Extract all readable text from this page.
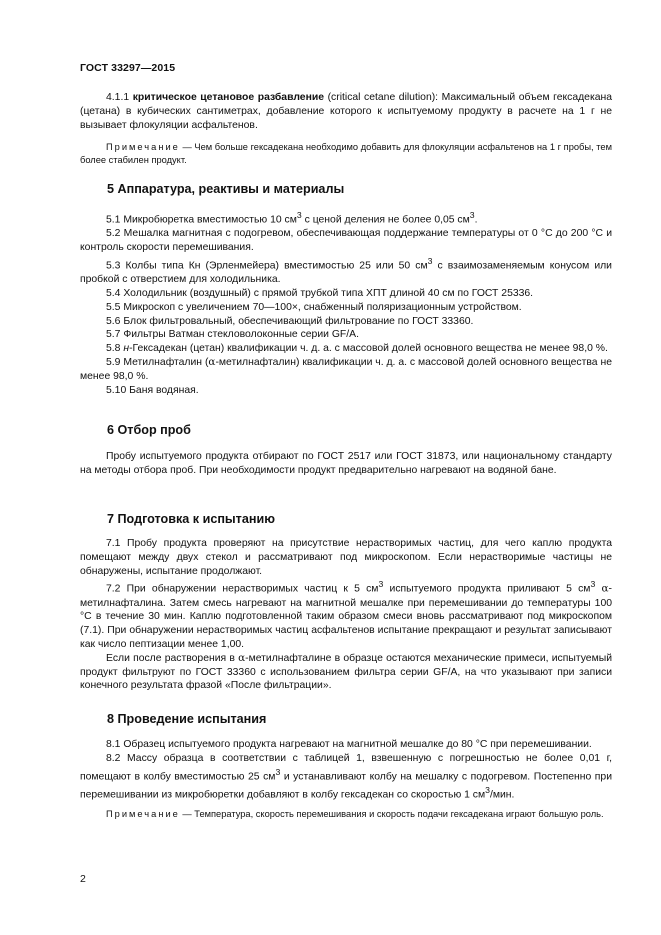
ГОСТ 33297—2015

4.1.1 критическое цетановое разбавление (critical cetane dilution): Максимальный объем гексадекана (цетана) в кубических сантиметрах, добавление которого к испытуемому продукту в расчете на 1 г не вызывает флокуляции асфальтенов.

Примечание — Чем больше гексадекана необходимо добавить для флокуляции асфальтенов на 1 г пробы, тем более стабилен продукт.

5 Аппаратура, реактивы и материалы

5.1 Микробюретка вместимостью 10 $см^3$ с ценой деления не более 0,05 $см^3$.

5.2 Мешалка магнитная с подогревом, обеспечивающая поддержание температуры от 0 °С до 200 °С и контроль скорости перемешивания.

5.3 Колбы типа Кн (Эрленмейера) вместимостью 25 или 50 $см^3$ с взаимозаменяемым конусом или пробкой с отверстием для холодильника.

5.4 Холодильник (воздушный) с прямой трубкой типа ХПТ длиной 40 см по ГОСТ 25336.

5.5 Микроскоп с увеличением 70—100×, снабженный поляризационным устройством.

5.6 Блок фильтровальный, обеспечивающий фильтрование по ГОСТ 33360.

5.7 Фильтры Ватман стекловолоконные серии GF/A.

5.8 н-Гексадекан (цетан) квалификации ч. д. а. с массовой долей основного вещества не менее 98,0 %.

5.9 Метилнафталин (α-метилнафталин) квалификации ч. д. а. с массовой долей основного вещества не менее 98,0 %.

5.10 Баня водяная.

6 Отбор проб

Пробу испытуемого продукта отбирают по ГОСТ 2517 или ГОСТ 31873, или национальному стандарту на методы отбора проб. При необходимости продукт предварительно нагревают на водяной бане.

7 Подготовка к испытанию

7.1 Пробу продукта проверяют на присутствие нерастворимых частиц, для чего каплю продукта помещают между двух стекол и рассматривают под микроскопом. Если нерастворимые частицы не обнаружены, испытание продолжают.

7.2 При обнаружении нерастворимых частиц к 5 $см^3$ испытуемого продукта приливают 5 $см^3$ α-метилнафталина. Затем смесь нагревают на магнитной мешалке при перемешивании до температуры 100 °С в течение 30 мин. Каплю подготовленной таким образом смеси вновь рассматривают под микроскопом (7.1). При обнаружении нерастворимых частиц асфальтенов испытание прекращают и результат записывают как число пептизации менее 1,00.

Если после растворения в α-метилнафталине в образце остаются механические примеси, испытуемый продукт фильтруют по ГОСТ 33360 с использованием фильтра серии GF/A, на что указывают при записи конечного результата фразой «После фильтрации».

8 Проведение испытания

8.1 Образец испытуемого продукта нагревают на магнитной мешалке до 80 °С при перемешивании.

8.2 Массу образца в соответствии с таблицей 1, взвешенную с погрешностью не более 0,01 г, помещают в колбу вместимостью 25 $см^3$ и устанавливают колбу на мешалку с подогревом. Постепенно при перемешивании из микробюретки добавляют в колбу гексадекан со скоростью 1 $см^3$/мин.

Примечание — Температура, скорость перемешивания и скорость подачи гексадекана играют большую роль.

2
